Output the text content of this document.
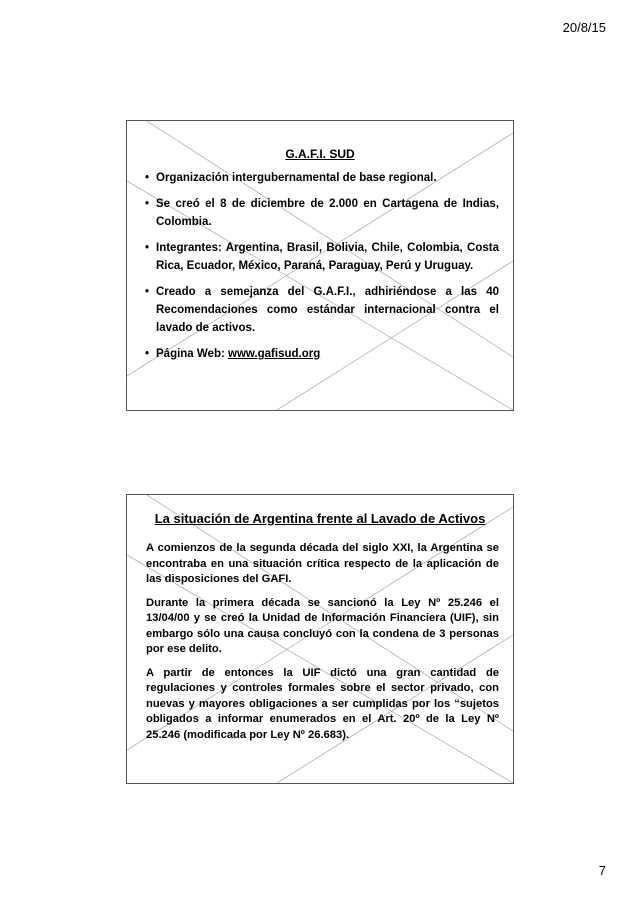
20/8/15
G.A.F.I. SUD
• Organización intergubernamental de base regional.
• Se creó el 8 de diciembre de 2.000 en Cartagena de Indias, Colombia.
• Integrantes: Argentina, Brasil, Bolivia, Chile, Colombia, Costa Rica, Ecuador, México, Paraná, Paraguay, Perú y Uruguay.
• Creado a semejanza del G.A.F.I., adhiriéndose a las 40 Recomendaciones como estándar internacional contra el lavado de activos.
• Página Web: www.gafisud.org
La situación de Argentina frente al Lavado de Activos

A comienzos de la segunda década del siglo XXI, la Argentina se encontraba en una situación crítica respecto de la aplicación de las disposiciones del GAFI.

Durante la primera década se sancionó la Ley Nº 25.246 el 13/04/00 y se creó la Unidad de Información Financiera (UIF), sin embargo sólo una causa concluyó con la condena de 3 personas por ese delito.

A partir de entonces la UIF dictó una gran cantidad de regulaciones y controles formales sobre el sector privado, con nuevas y mayores obligaciones a ser cumplidas por los “sujetos obligados a informar enumerados en el Art. 20º de la Ley Nº 25.246 (modificada por Ley Nº 26.683).

7
